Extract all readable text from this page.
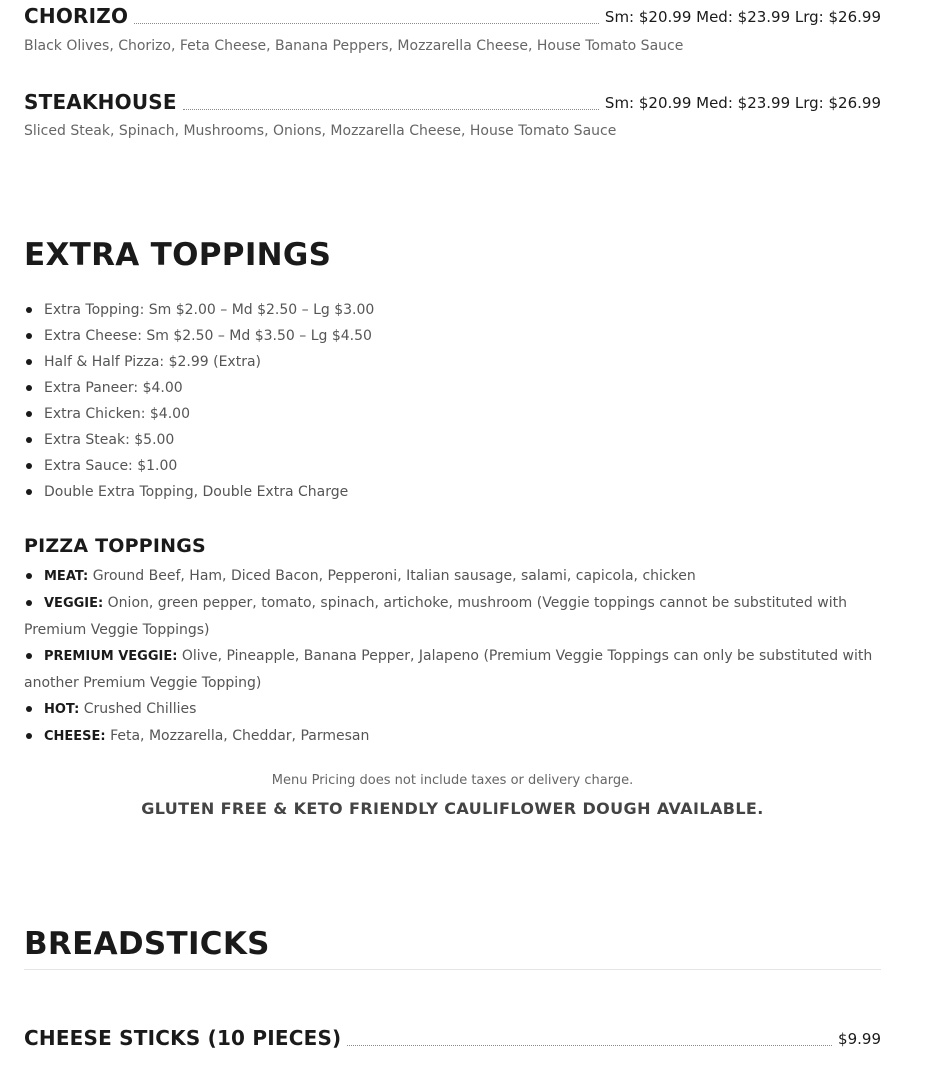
CHORIZO	Sm: $20.99 Med: $23.99 Lrg: $26.99
Black Olives, Chorizo, Feta Cheese, Banana Peppers, Mozzarella Cheese, House Tomato Sauce
STEAKHOUSE	Sm: $20.99 Med: $23.99 Lrg: $26.99
Sliced Steak, Spinach, Mushrooms, Onions, Mozzarella Cheese, House Tomato Sauce
EXTRA TOPPINGS
Extra Topping: Sm $2.00 – Md $2.50 – Lg $3.00
Extra Cheese: Sm $2.50 – Md $3.50 – Lg $4.50
Half & Half Pizza: $2.99 (Extra)
Extra Paneer: $4.00
Extra Chicken: $4.00
Extra Steak: $5.00
Extra Sauce: $1.00
Double Extra Topping, Double Extra Charge
PIZZA TOPPINGS
MEAT: Ground Beef, Ham, Diced Bacon, Pepperoni, Italian sausage, salami, capicola, chicken
VEGGIE: Onion, green pepper, tomato, spinach, artichoke, mushroom (Veggie toppings cannot be substituted with Premium Veggie Toppings)
PREMIUM VEGGIE: Olive, Pineapple, Banana Pepper, Jalapeno (Premium Veggie Toppings can only be substituted with another Premium Veggie Topping)
HOT: Crushed Chillies
CHEESE: Feta, Mozzarella, Cheddar, Parmesan
Menu Pricing does not include taxes or delivery charge.
GLUTEN FREE & KETO FRIENDLY CAULIFLOWER DOUGH AVAILABLE.
BREADSTICKS
CHEESE STICKS (10 PIECES)	$9.99
